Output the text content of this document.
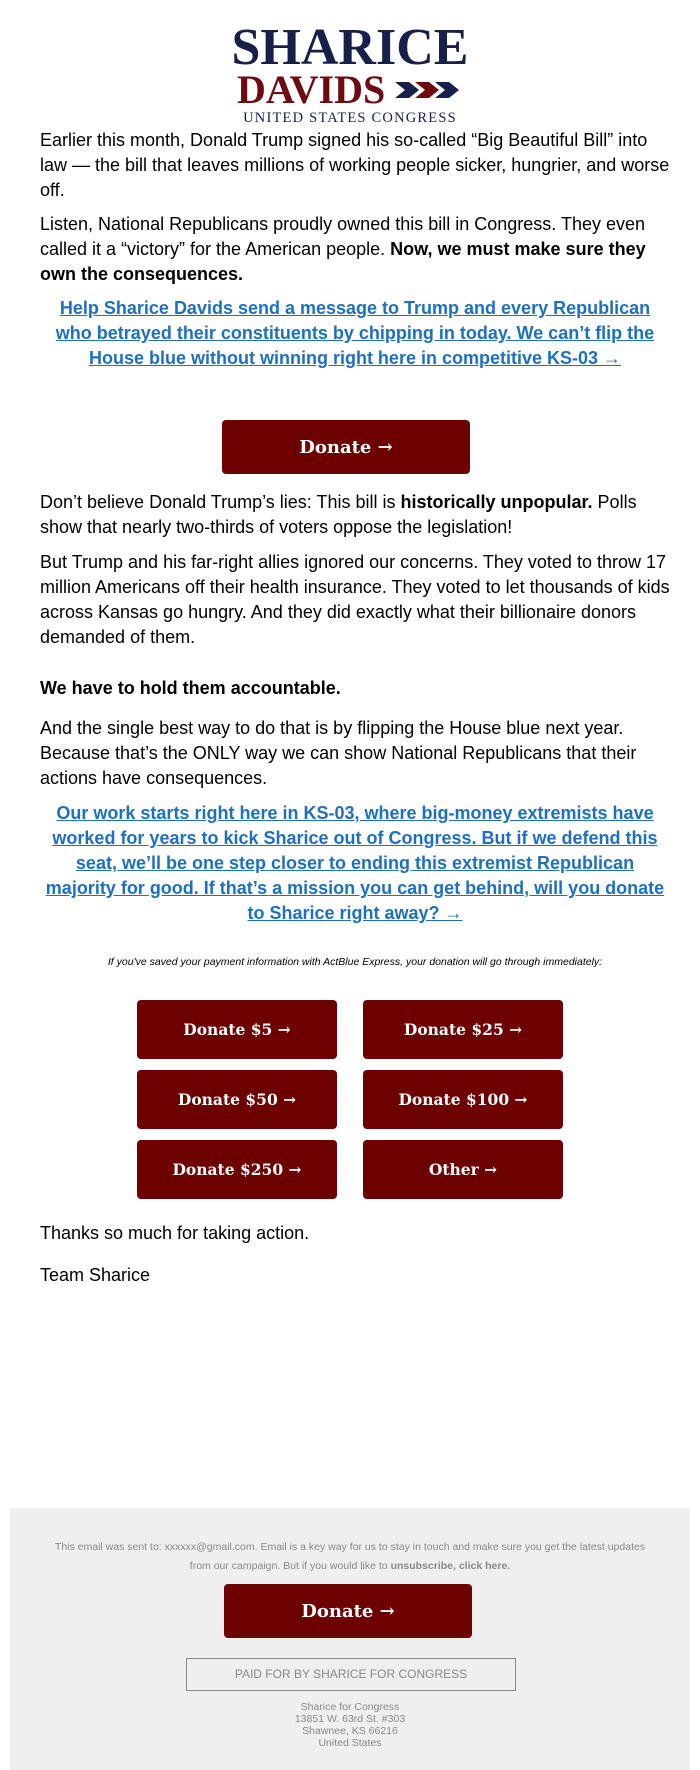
SHARICE
DAVIDS
UNITED STATES CONGRESS

Earlier this month, Donald Trump signed his so-called “Big Beautiful Bill” into law — the bill that leaves millions of working people sicker, hungrier, and worse off.

Listen, National Republicans proudly owned this bill in Congress. They even called it a “victory” for the American people. Now, we must make sure they own the consequences.

Help Sharice Davids send a message to Trump and every Republican who betrayed their constituents by chipping in today. We can’t flip the House blue without winning right here in competitive KS-03 →
Donate →

Don’t believe Donald Trump’s lies: This bill is historically unpopular. Polls show that nearly two-thirds of voters oppose the legislation!

But Trump and his far-right allies ignored our concerns. They voted to throw 17 million Americans off their health insurance. They voted to let thousands of kids across Kansas go hungry. And they did exactly what their billionaire donors demanded of them.

We have to hold them accountable.

And the single best way to do that is by flipping the House blue next year. Because that’s the ONLY way we can show National Republicans that their actions have consequences.

Our work starts right here in KS-03, where big-money extremists have worked for years to kick Sharice out of Congress. But if we defend this seat, we’ll be one step closer to ending this extremist Republican majority for good. If that’s a mission you can get behind, will you donate to Sharice right away? →

If you've saved your payment information with ActBlue Express, your donation will go through immediately:

Donate $5 →	Donate $25 →
Donate $50 →	Donate $100 →
Donate $250 →	Other →

Thanks so much for taking action.

Team Sharice

This email was sent to: xxxxxx@gmail.com. Email is a key way for us to stay in touch and make sure you get the latest updates from our campaign. But if you would like to unsubscribe, click here.

Donate →
PAID FOR BY SHARICE FOR CONGRESS
Sharice for Congress
13851 W. 63rd St. #303
Shawnee, KS 66216
United States
